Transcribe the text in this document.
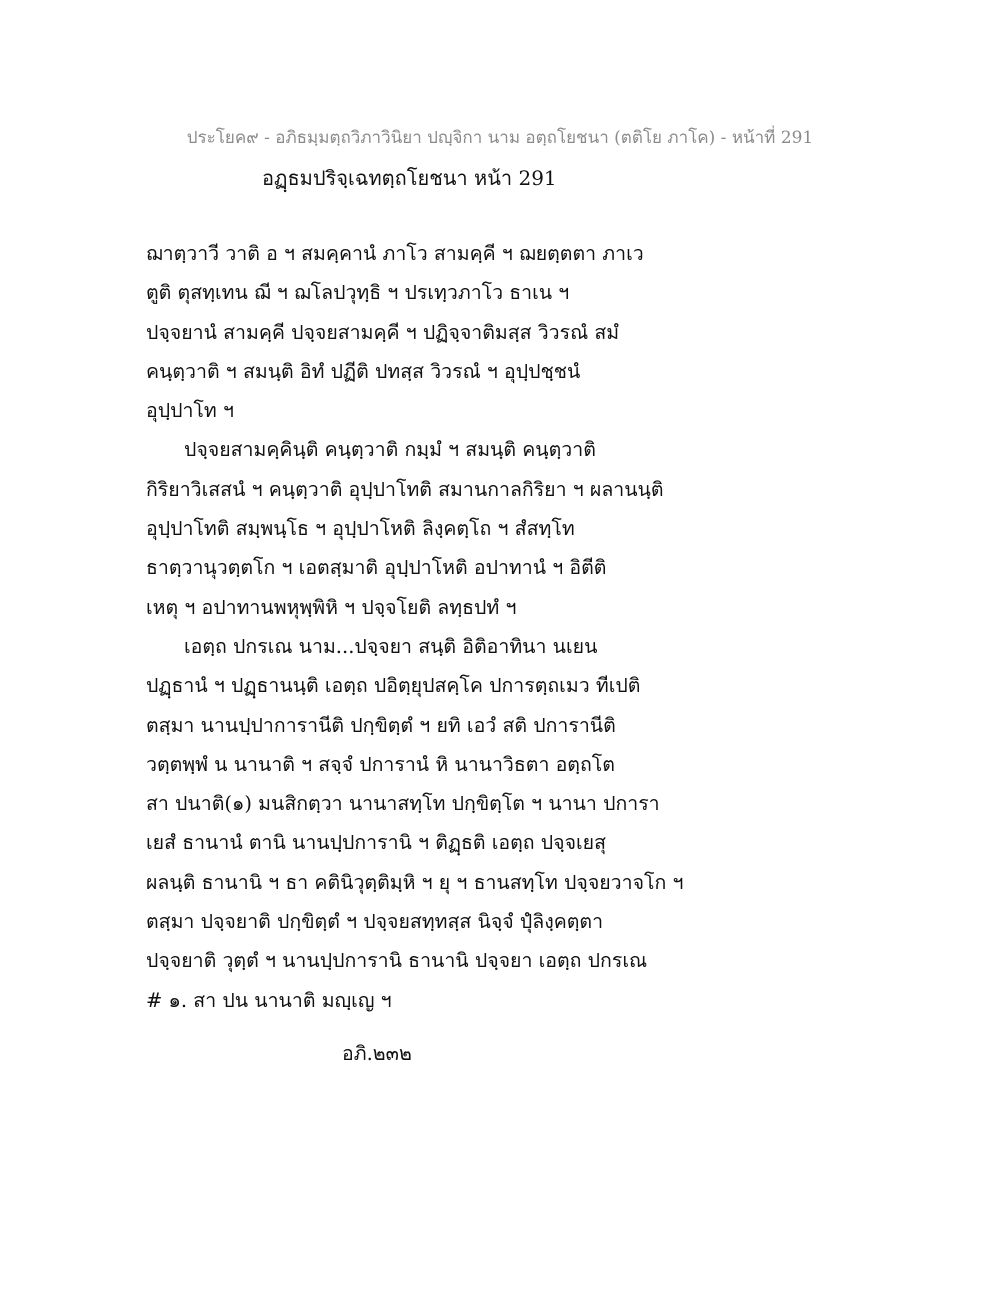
ประโยค๙ - อภิธมฺมตฺถวิภาวินิยา ปญฺจิกา นาม อตฺถโยชนา (ตติโย ภาโค) - หน้าที่ 291
อฏฺธมปริจฺเฉทตฺถโยชนา หน้า 291
ฌาตฺวาวี วาติ อ ฯ สมคฺคานํ ภาโว สามคฺคี ฯ ฌยตฺตตา ภาเว
ตูติ ตุสทฺเทน ฌี ฯ ฌโลปวุทฺธิ ฯ ปรเทฺวภาโว ธาเน ฯ
ปจฺจยานํ สามคฺคี ปจฺจยสามคฺคี ฯ ปฏิจฺจาติมสฺส วิวรณํ สมํ
คนฺตฺวาติ ฯ สมนฺติ อิทํ ปฏีติ ปทสฺส วิวรณํ ฯ อุปฺปชฺชนํ
อุปฺปาโท ฯ
ปจฺจยสามคฺคินฺติ คนฺตฺวาติ กมฺมํ ฯ สมนฺติ คนฺตฺวาติ
กิริยาวิเสสนํ ฯ คนฺตฺวาติ อุปฺปาโทติ สมานกาลกิริยา ฯ ผลานนฺติ
อุปฺปาโทติ สมฺพนฺโธ ฯ อุปฺปาโหติ ลิงฺคตฺโถ ฯ สํสทฺโท
ธาตฺวานุวตฺตโก ฯ เอตสฺมาติ อุปฺปาโหติ อปาทานํ ฯ อิตีติ
เหตุ ฯ อปาทานพหุพฺพิหิ ฯ ปจฺจโยติ ลทฺธปทํ ฯ
เอตฺถ ปกรเณ นาม...ปจฺจยา สนฺติ อิติอาทินา นเยน
ปฏฺธานํ ฯ ปฏฺธานนฺติ เอตฺถ ปอิตฺยุปสคฺโค ปการตฺถเมว ทีเปติ
ตสฺมา นานปฺปาการานีติ ปกฺขิตฺตํ ฯ ยทิ เอวํ สติ ปการานีติ
วตฺตพฺพํ น นานาติ ฯ สจฺจํ ปการานํ หิ นานาวิธตา อตฺถโต
สา ปนาติ(๑) มนสิกตฺวา นานาสทฺโท ปกฺขิตฺโต ฯ นานา ปการา
เยสํ ธานานํ ตานิ นานปฺปการานิ ฯ ติฏฺธติ เอตฺถ ปจฺจเยสุ
ผลนฺติ ธานานิ ฯ ธา คตินิวุตฺติมฺหิ ฯ ยุ ฯ ธานสทฺโท ปจฺจยวาจโก ฯ
ตสฺมา ปจฺจยาติ ปกฺขิตฺตํ ฯ ปจฺจยสทฺทสฺส นิจฺจํ ปุํลิงฺคตฺตา
ปจฺจยาติ วุตฺตํ ฯ นานปฺปการานิ ธานานิ ปจฺจยา เอตฺถ ปกรเณ
# ๑. สา ปน นานาติ มญฺเญ ฯ
อภิ.๒๓๒
